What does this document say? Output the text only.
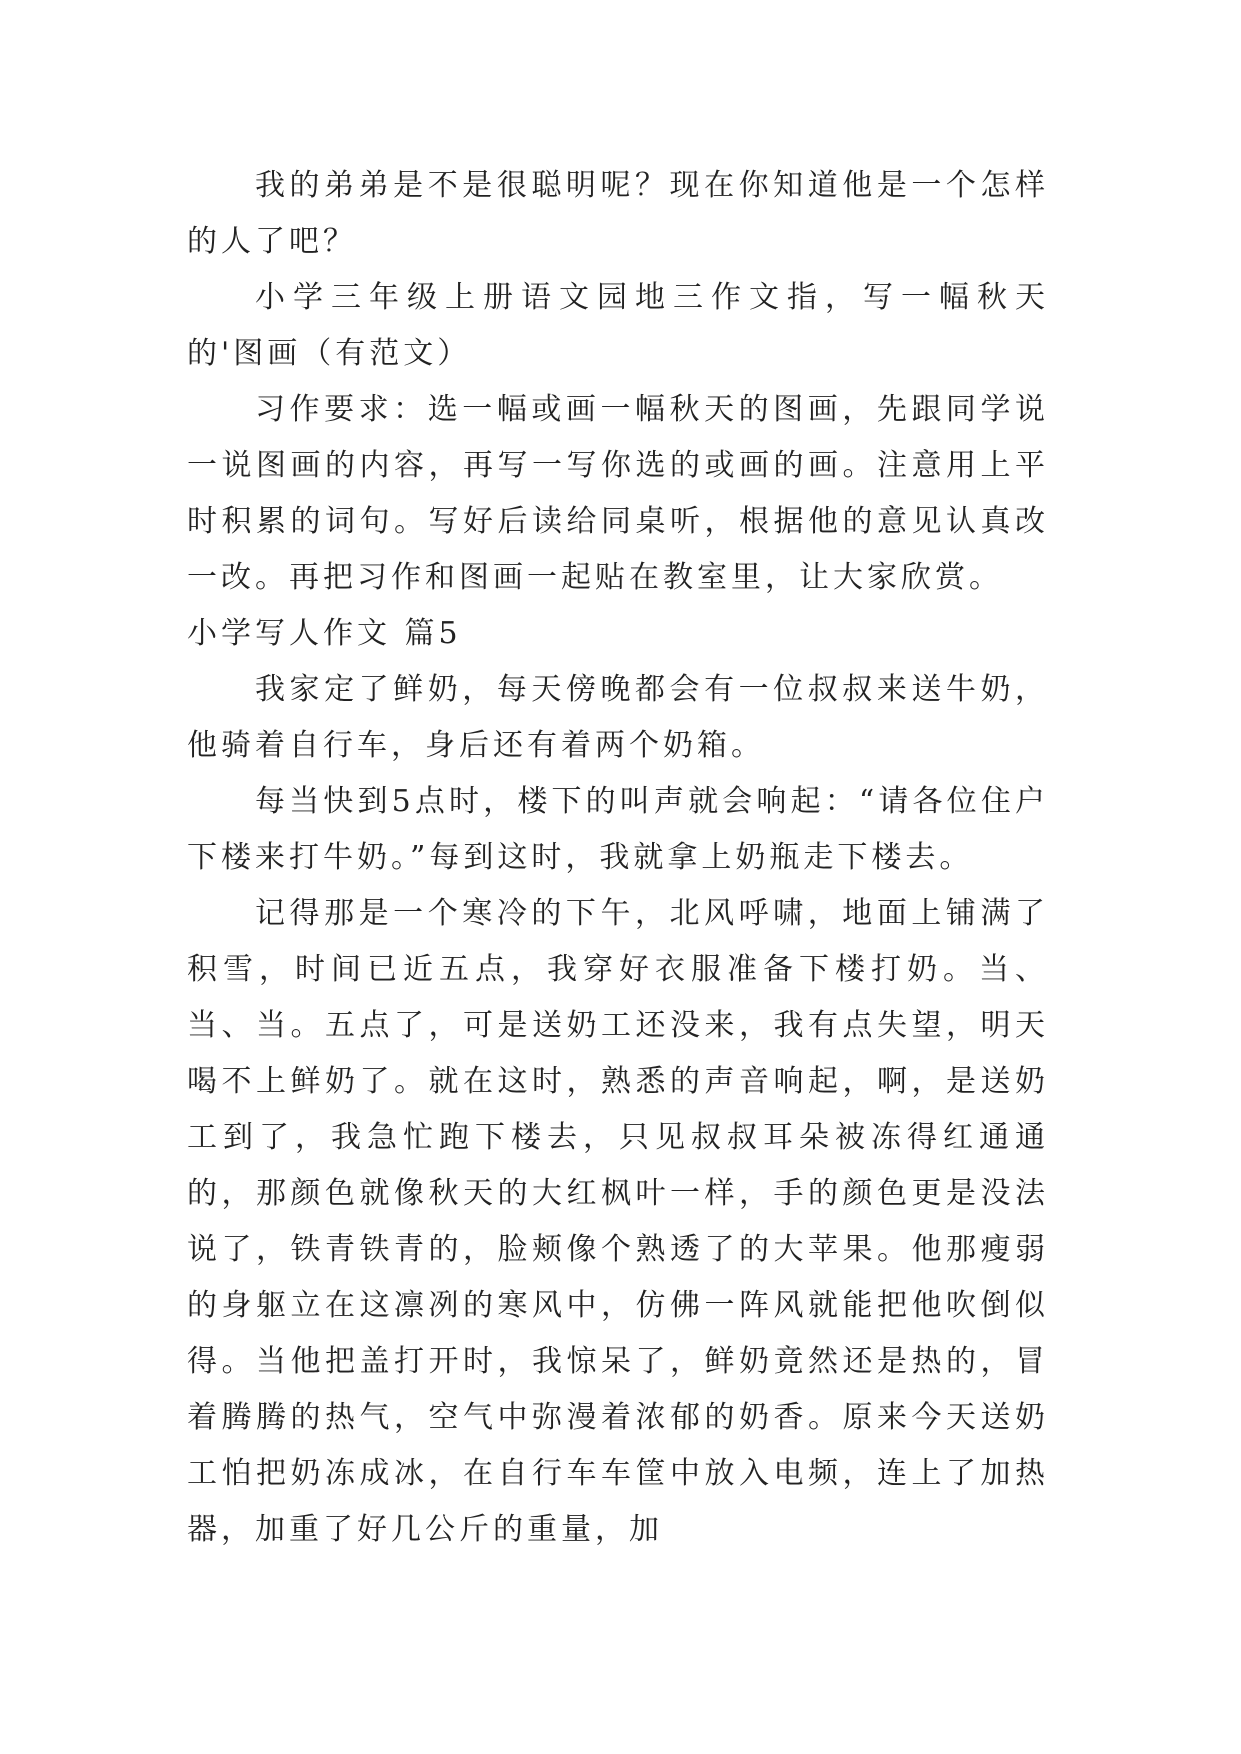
我的弟弟是不是很聪明呢？现在你知道他是一个怎样的人了吧？

小学三年级上册语文园地三作文指，写一幅秋天的'图画（有范文）

习作要求：选一幅或画一幅秋天的图画，先跟同学说一说图画的内容，再写一写你选的或画的画。注意用上平时积累的词句。写好后读给同桌听，根据他的意见认真改一改。再把习作和图画一起贴在教室里，让大家欣赏。

小学写人作文 篇5

我家定了鲜奶，每天傍晚都会有一位叔叔来送牛奶，他骑着自行车，身后还有着两个奶箱。

每当快到5点时，楼下的叫声就会响起：“请各位住户下楼来打牛奶。”每到这时，我就拿上奶瓶走下楼去。

记得那是一个寒冷的下午，北风呼啸，地面上铺满了积雪，时间已近五点，我穿好衣服准备下楼打奶。当、当、当。五点了，可是送奶工还没来，我有点失望，明天喝不上鲜奶了。就在这时，熟悉的声音响起，啊，是送奶工到了，我急忙跑下楼去，只见叔叔耳朵被冻得红通通的，那颜色就像秋天的大红枫叶一样，手的颜色更是没法说了，铁青铁青的，脸颊像个熟透了的大苹果。他那瘦弱的身躯立在这凛冽的寒风中，仿佛一阵风就能把他吹倒似得。当他把盖打开时，我惊呆了，鲜奶竟然还是热的，冒着腾腾的热气，空气中弥漫着浓郁的奶香。原来今天送奶工怕把奶冻成冰，在自行车车筐中放入电频，连上了加热器，加重了好几公斤的重量，加
